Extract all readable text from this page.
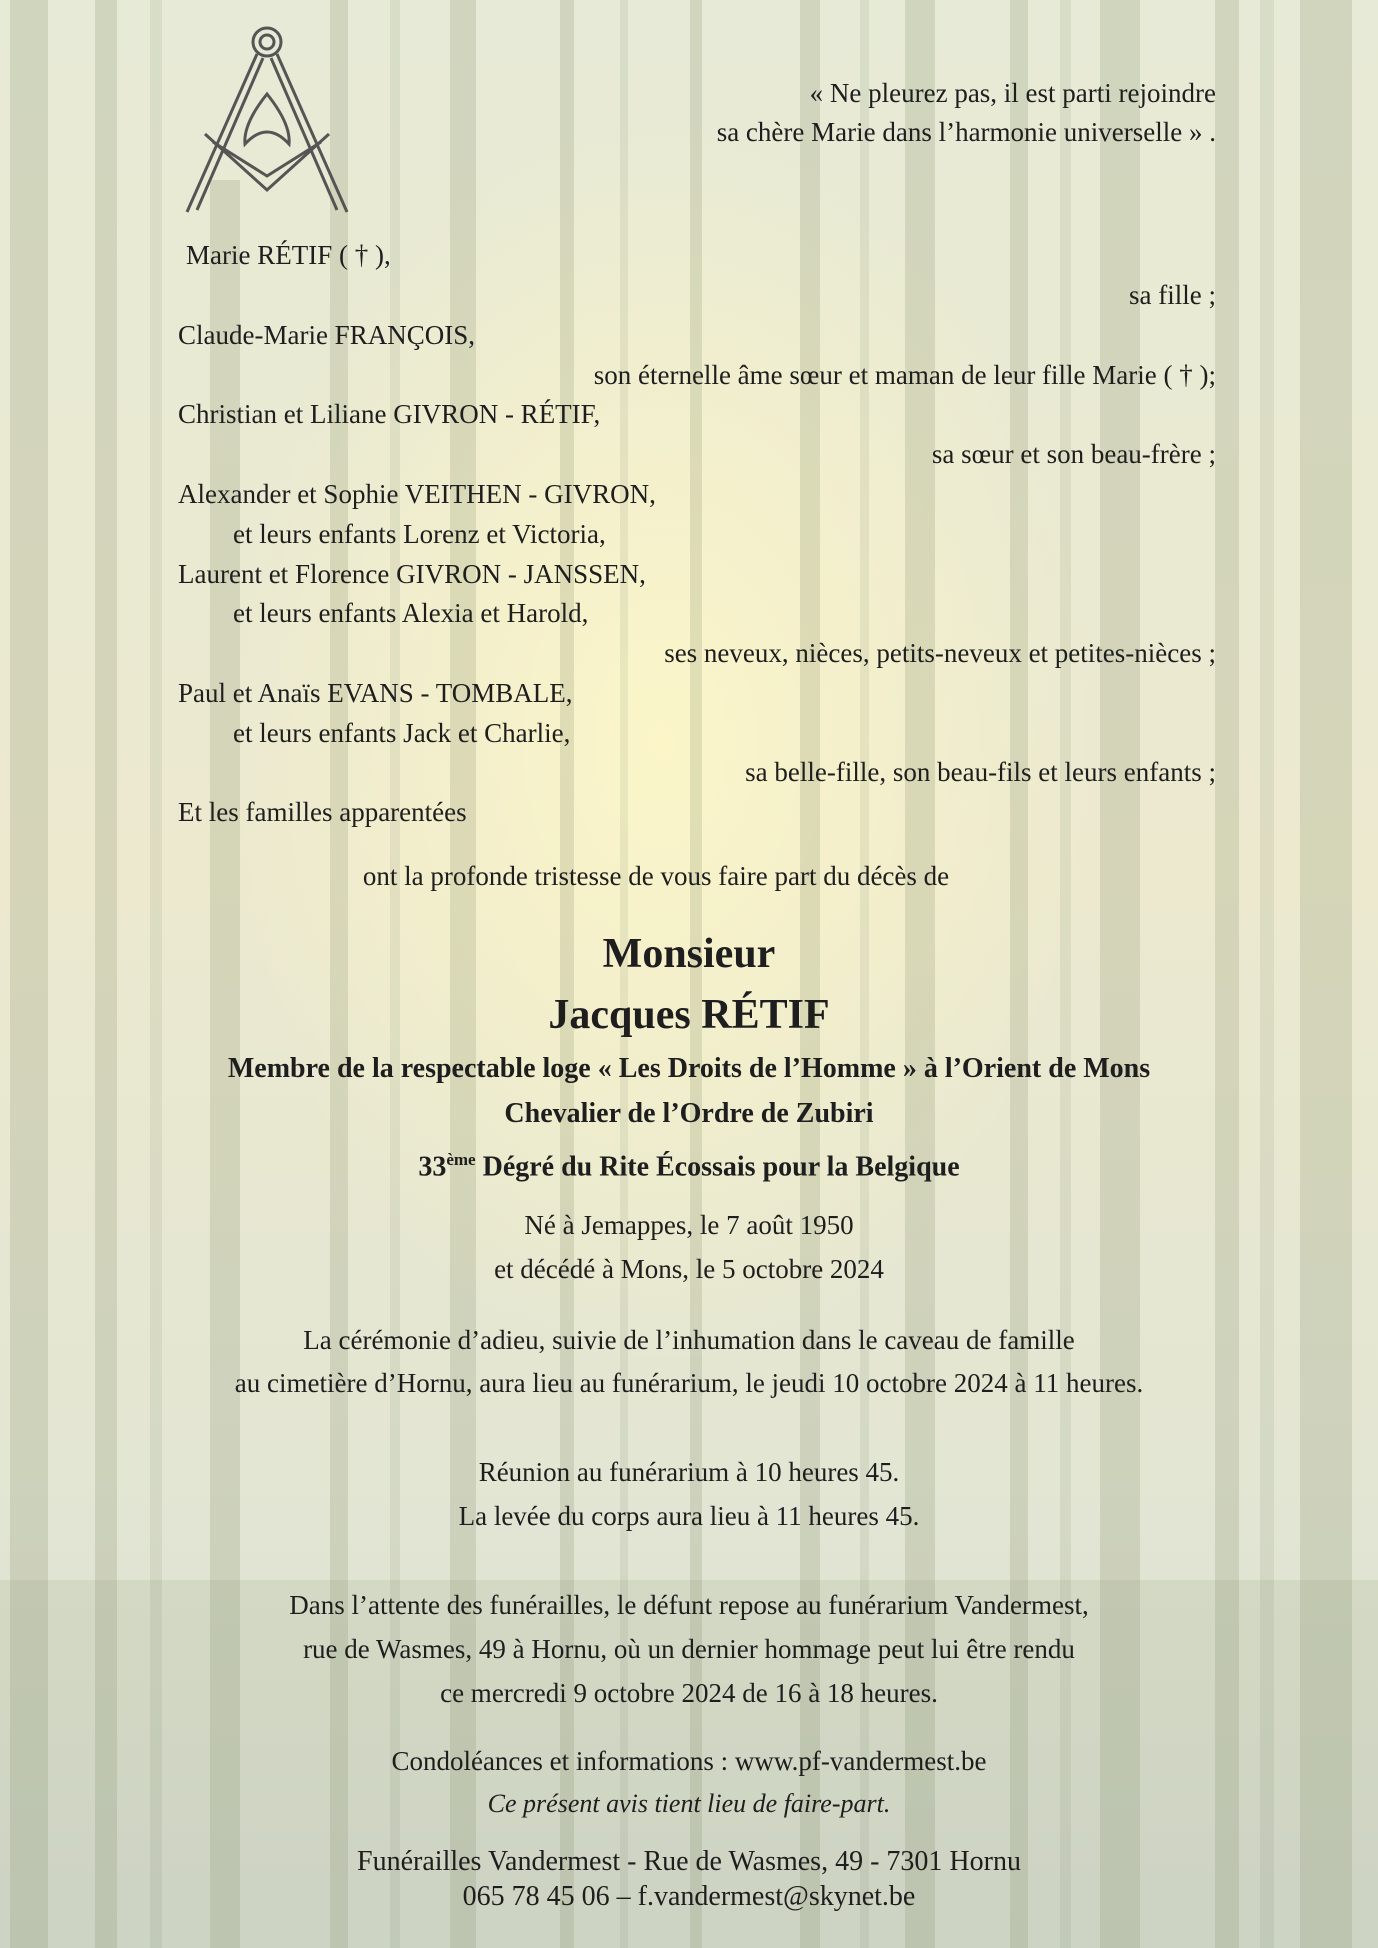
« Ne pleurez pas, il est parti rejoindre
sa chère Marie dans l’harmonie universelle » .
Marie RÉTIF ( † ),
sa fille ;
Claude-Marie FRANÇOIS,
son éternelle âme sœur et maman de leur fille Marie ( † );
Christian et Liliane GIVRON - RÉTIF,
sa sœur et son beau-frère ;
Alexander et Sophie VEITHEN - GIVRON,
et leurs enfants Lorenz et Victoria,
Laurent et Florence GIVRON - JANSSEN,
et leurs enfants Alexia et Harold,
ses neveux, nièces, petits-neveux et petites-nièces ;
Paul et Anaïs EVANS - TOMBALE,
et leurs enfants Jack et Charlie,
sa belle-fille, son beau-fils et leurs enfants ;
Et les familles apparentées
ont la profonde tristesse de vous faire part du décès de
Monsieur
Jacques RÉTIF
Membre de la respectable loge « Les Droits de l’Homme » à l’Orient de Mons
Chevalier de l’Ordre de Zubiri
33ème Dégré du Rite Écossais pour la Belgique
Né à Jemappes, le 7 août 1950
et décédé à Mons, le 5 octobre 2024
La cérémonie d’adieu, suivie de l’inhumation dans le caveau de famille
au cimetière d’Hornu, aura lieu au funérarium, le jeudi 10 octobre 2024 à 11 heures.
Réunion au funérarium à 10 heures 45.
La levée du corps aura lieu à 11 heures 45.
Dans l’attente des funérailles, le défunt repose au funérarium Vandermest,
rue de Wasmes, 49 à Hornu, où un dernier hommage peut lui être rendu
ce mercredi 9 octobre 2024 de 16 à 18 heures.
Condoléances et informations : www.pf-vandermest.be
Ce présent avis tient lieu de faire-part.
Funérailles Vandermest - Rue de Wasmes, 49 - 7301 Hornu
065 78 45 06 – f.vandermest@skynet.be
